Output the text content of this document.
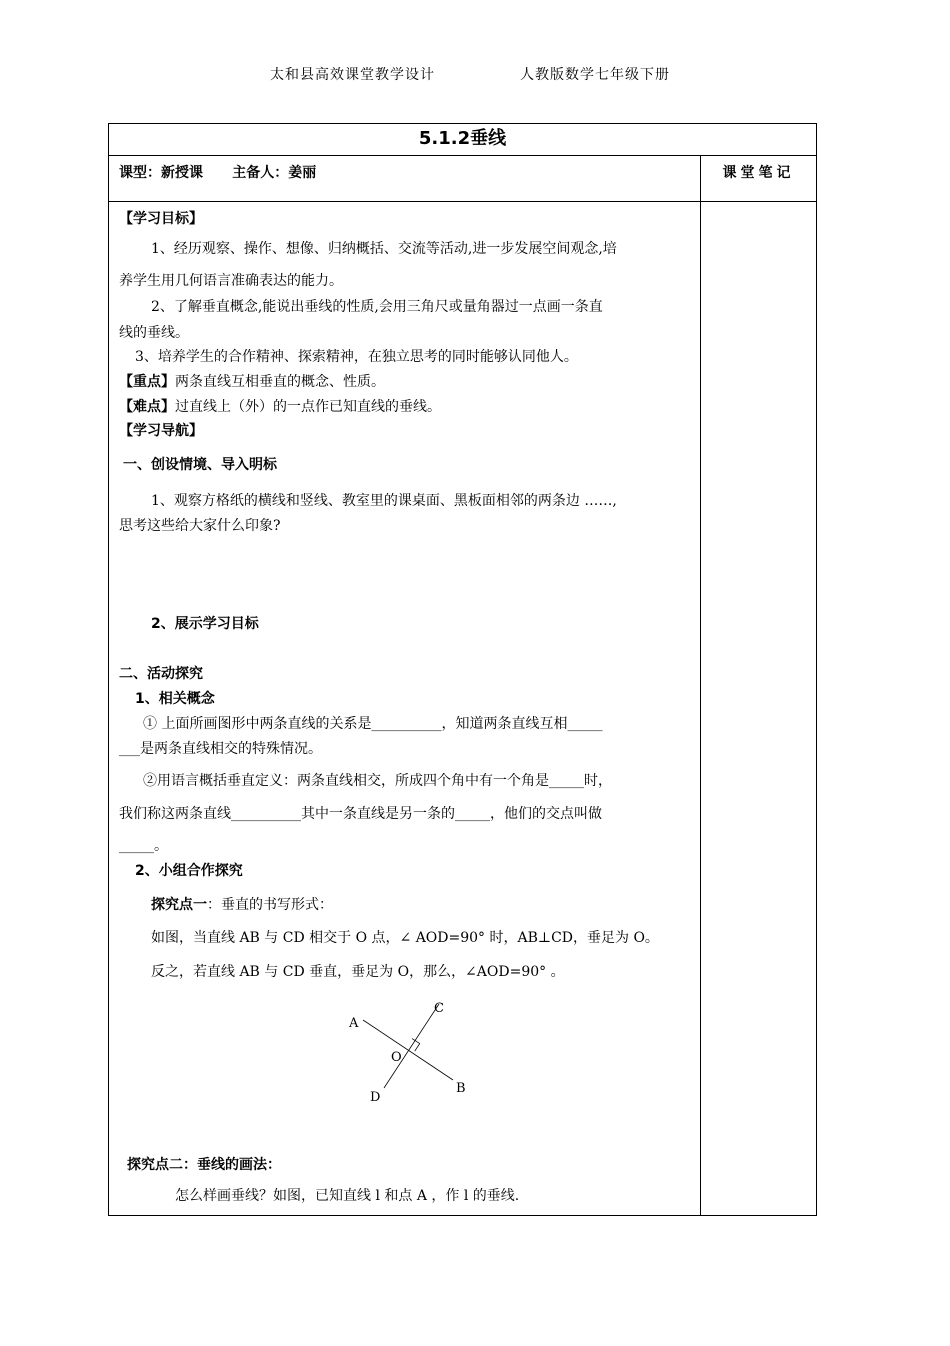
太和县高效课堂教学设计	人教版数学七年级下册
5.1.2垂线
课型：新授课      主备人：姜丽	课堂笔记
【学习目标】
1、经历观察、操作、想像、归纳概括、交流等活动,进一步发展空间观念,培
养学生用几何语言准确表达的能力。
2、了解垂直概念,能说出垂线的性质,会用三角尺或量角器过一点画一条直
线的垂线。
3、培养学生的合作精神、探索精神，在独立思考的同时能够认同他人。
【重点】两条直线互相垂直的概念、性质。
【难点】过直线上（外）的一点作已知直线的垂线。
【学习导航】
一、创设情境、导入明标
1、观察方格纸的横线和竖线、教室里的课桌面、黑板面相邻的两条边 ……,
思考这些给大家什么印象?
2、展示学习目标
二、活动探究
1、相关概念
① 上面所画图形中两条直线的关系是__________，知道两条直线互相_____
___是两条直线相交的特殊情况。
②用语言概括垂直定义：两条直线相交，所成四个角中有一个角是_____时，
我们称这两条直线__________其中一条直线是另一条的_____，他们的交点叫做
_____。
2、小组合作探究
探究点一：垂直的书写形式：
如图，当直线 AB 与 CD 相交于 O 点，∠ AOD=90° 时，AB⊥CD，垂足为 O。
反之，若直线 AB 与 CD 垂直，垂足为 O，那么，∠AOD=90° 。
A
B
C
D
O
探究点二：垂线的画法：
怎么样画垂线？如图，已知直线 l 和点 A ，作 l 的垂线.
